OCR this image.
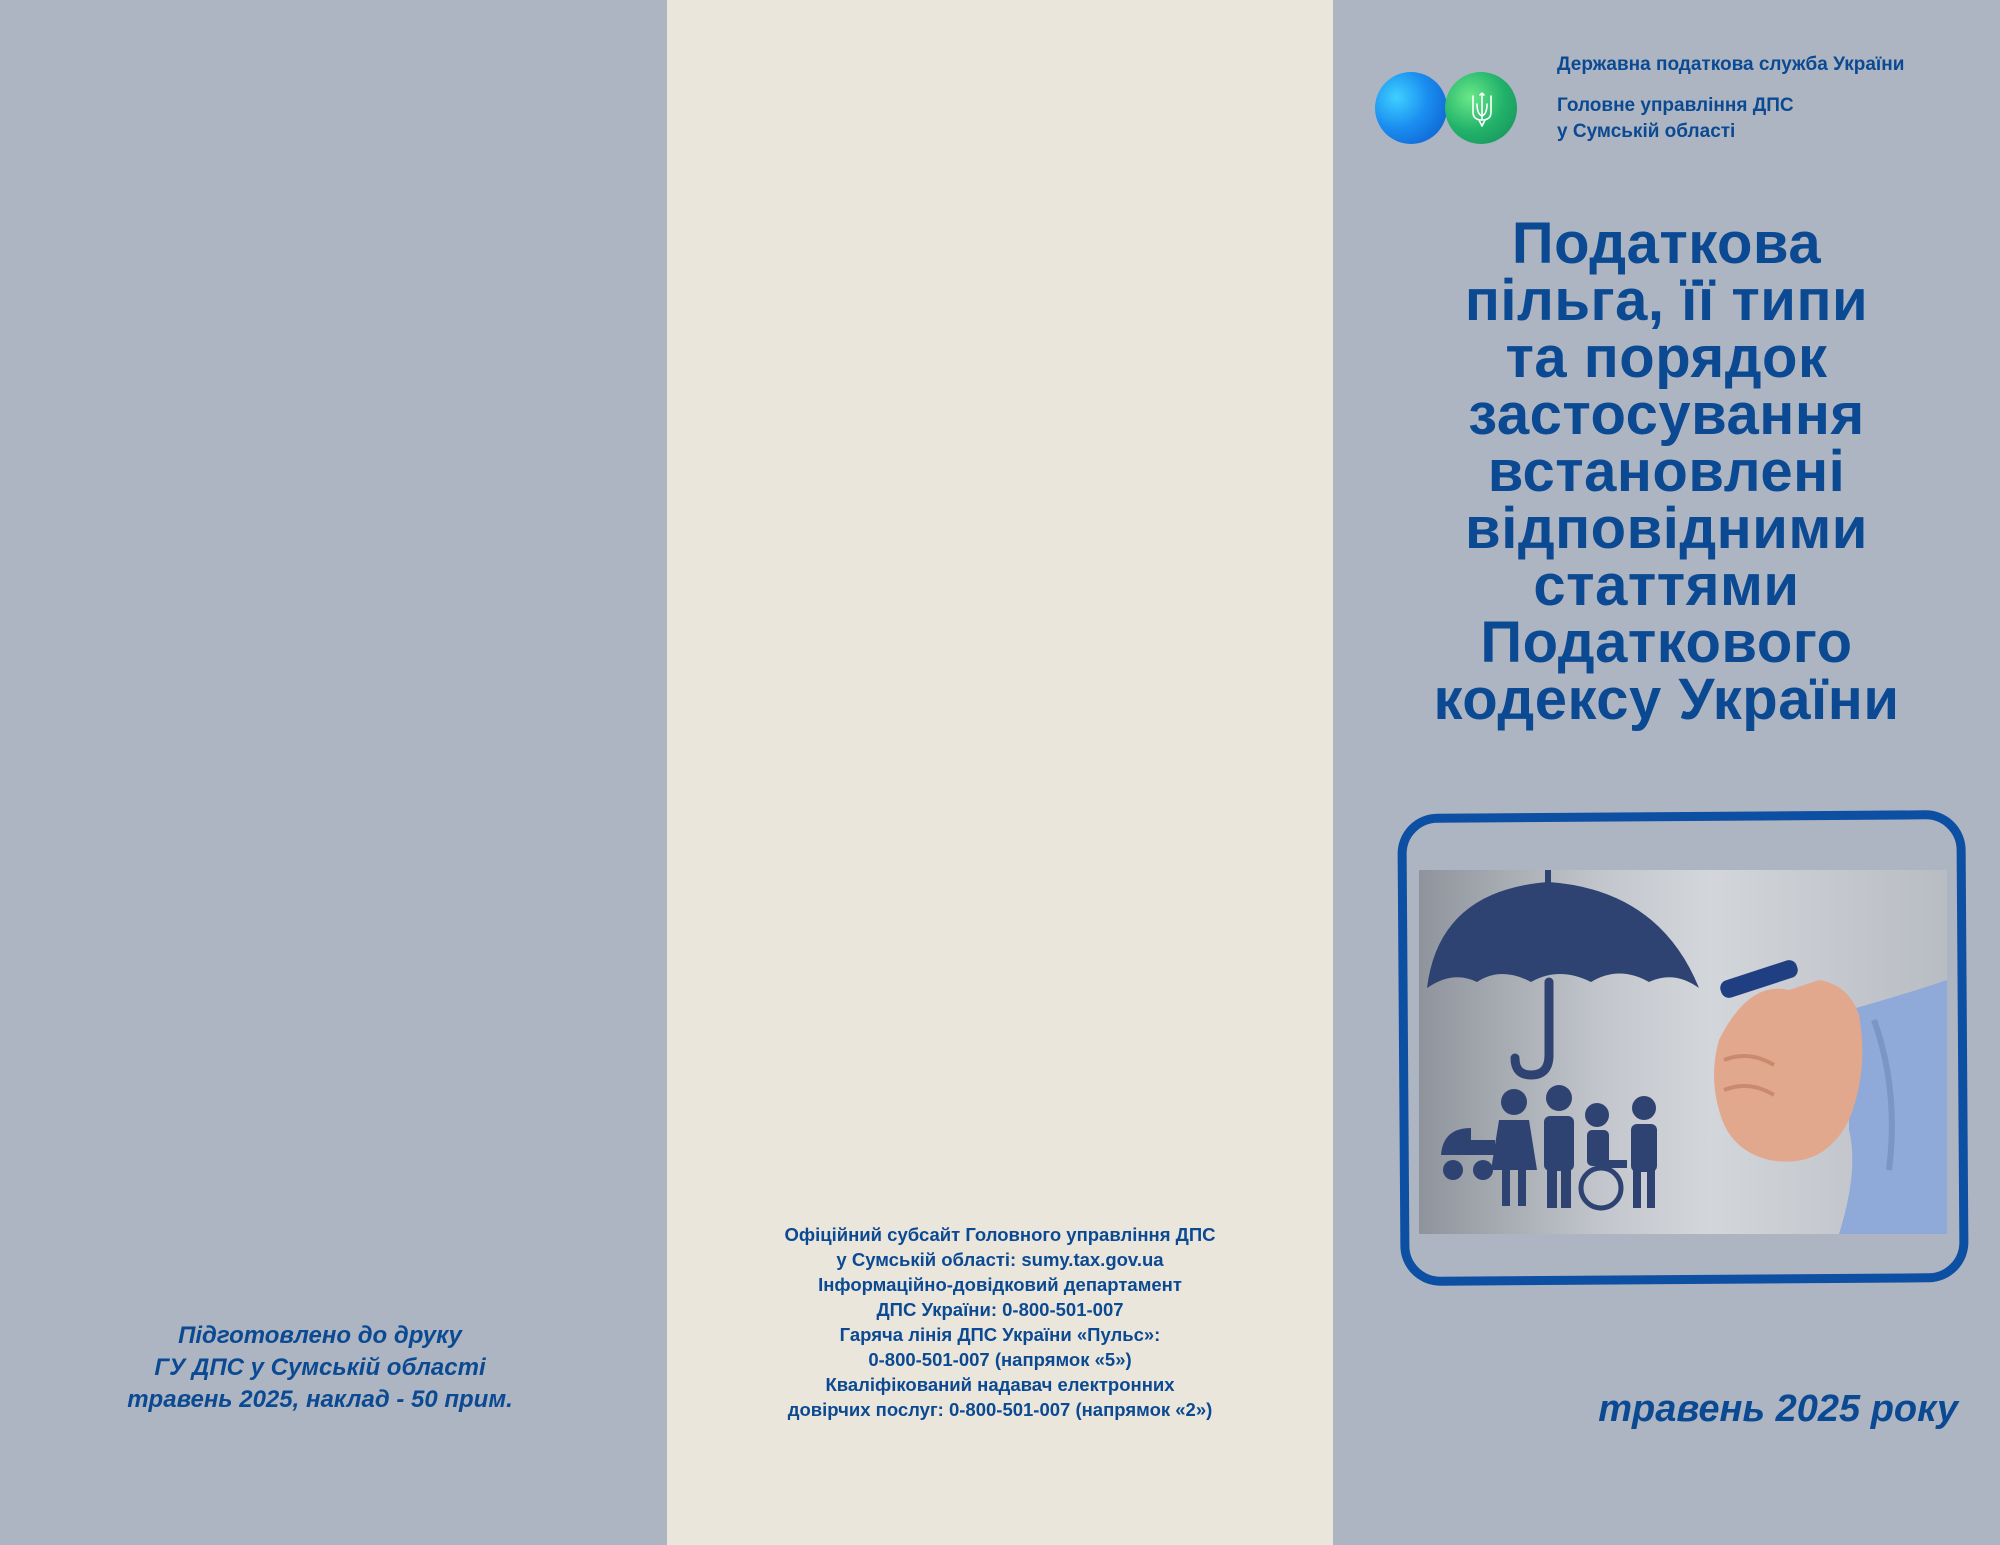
Підготовлено до друку
ГУ ДПС у Сумській області
травень 2025, наклад - 50 прим.
Офіційний субсайт Головного управління ДПС
у Сумській області: sumy.tax.gov.ua
Інформаційно-довідковий департамент
ДПС України: 0-800-501-007
Гаряча лінія ДПС України «Пульс»:
0-800-501-007 (напрямок «5»)
Кваліфікований надавач електронних
довірчих послуг: 0-800-501-007 (напрямок «2»)
Державна податкова служба України
Головне управління ДПС
у Сумській області
Податкова
пільга, її типи
та порядок
застосування
встановлені
відповідними
статтями
Податкового
кодексу України
травень 2025 року
